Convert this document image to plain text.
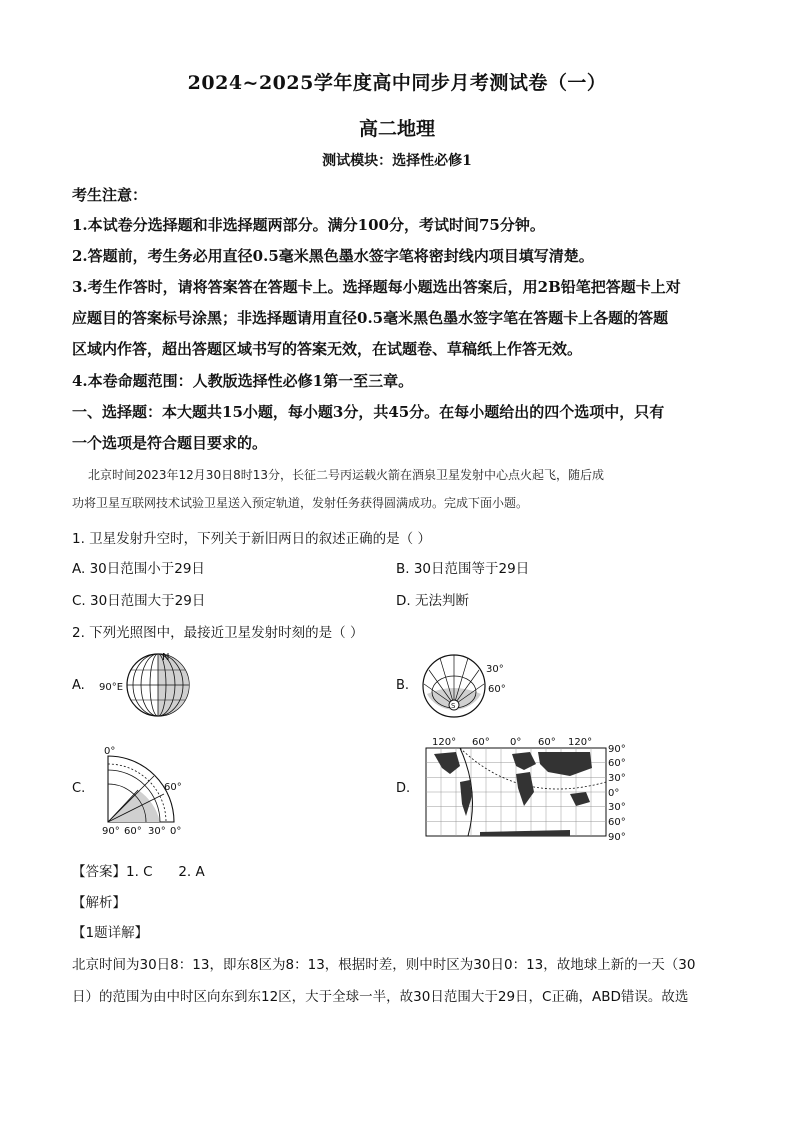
2024~2025学年度高中同步月考测试卷（一）
高二地理
测试模块：选择性必修1
考生注意：
1.本试卷分选择题和非选择题两部分。满分100分，考试时间75分钟。
2.答题前，考生务必用直径0.5毫米黑色墨水签字笔将密封线内项目填写清楚。
3.考生作答时，请将答案答在答题卡上。选择题每小题选出答案后，用2B铅笔把答题卡上对
应题目的答案标号涂黑；非选择题请用直径0.5毫米黑色墨水签字笔在答题卡上各题的答题
区域内作答，超出答题区域书写的答案无效，在试题卷、草稿纸上作答无效。
4.本卷命题范围：人教版选择性必修1第一至三章。
一、选择题：本大题共15小题，每小题3分，共45分。在每小题给出的四个选项中，只有
一个选项是符合题目要求的。
北京时间2023年12月30日8时13分，长征二号丙运载火箭在酒泉卫星发射中心点火起飞，随后成
功将卫星互联网技术试验卫星送入预定轨道，发射任务获得圆满成功。完成下面小题。
1. 卫星发射升空时，下列关于新旧两日的叙述正确的是（ ）
A. 30日范围小于29日	B. 30日范围等于29日
C. 30日范围大于29日	D. 无法判断
2. 下列光照图中，最接近卫星发射时刻的是（ ）
A.
N
90°E	B.
S
30°
60°
C.
0°
60°
90° 60° 30° 0°
D.
120° 60° 0° 60° 120°
90°
60°
30°
0°
30°
60°
90°
【答案】1. C      2. A
【解析】
【1题详解】
北京时间为30日8：13，即东8区为8：13，根据时差，则中时区为30日0：13，故地球上新的一天（30
日）的范围为由中时区向东到东12区，大于全球一半，故30日范围大于29日，C正确，ABD错误。故选
